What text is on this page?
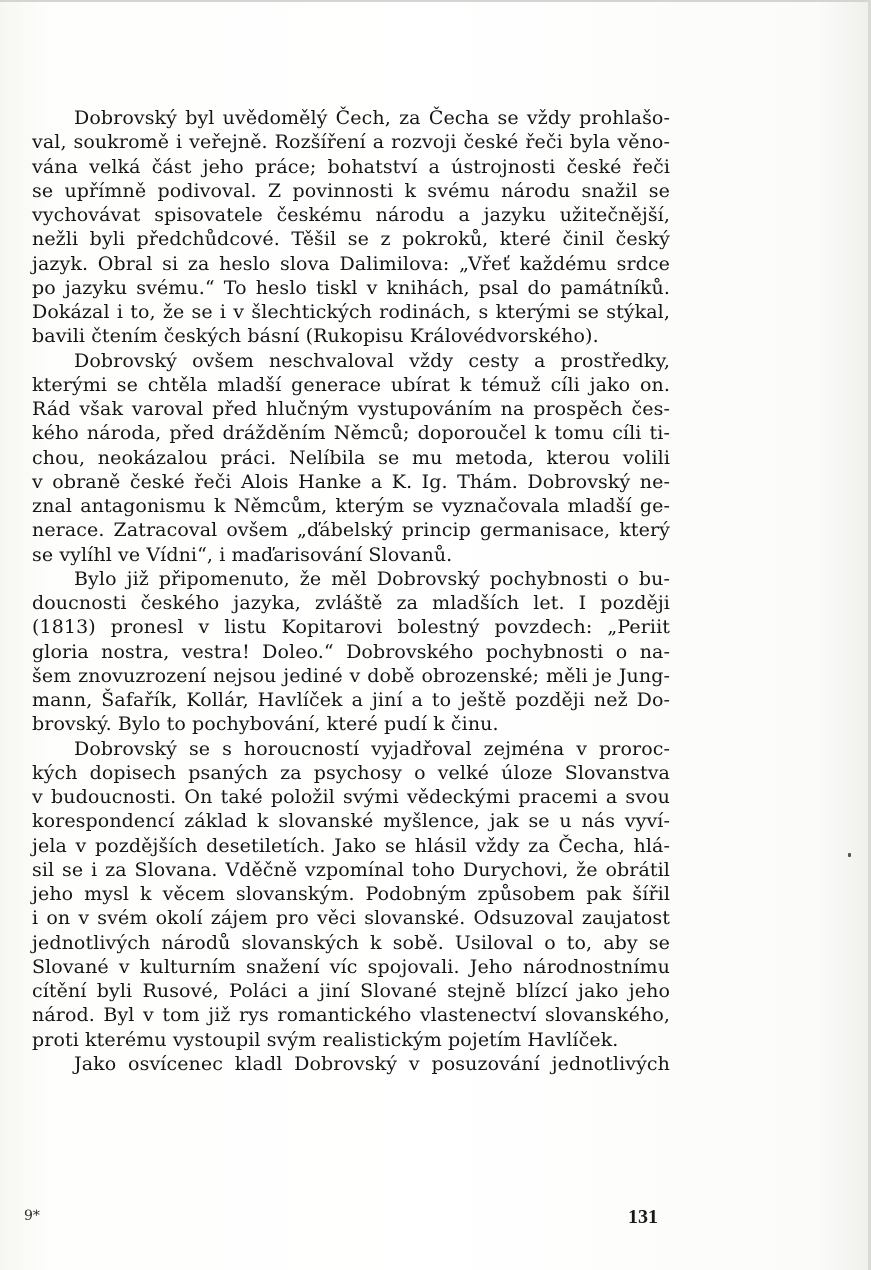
Dobrovský byl uvědomělý Čech, za Čecha se vždy prohlašo-
val, soukromě i veřejně. Rozšíření a rozvoji české řeči byla věno-
vána velká část jeho práce; bohatství a ústrojnosti české řeči
se upřímně podivoval. Z povinnosti k svému národu snažil se
vychovávat spisovatele českému národu a jazyku užitečnější,
nežli byli předchůdcové. Těšil se z pokroků, které činil český
jazyk. Obral si za heslo slova Dalimilova: „Vřeť každému srdce
po jazyku svému.“ To heslo tiskl v knihách, psal do památníků.
Dokázal i to, že se i v šlechtických rodinách, s kterými se stýkal,
bavili čtením českých básní (Rukopisu Královédvorského).
Dobrovský ovšem neschvaloval vždy cesty a prostředky,
kterými se chtěla mladší generace ubírat k témuž cíli jako on.
Rád však varoval před hlučným vystupováním na prospěch čes-
kého národa, před drážděním Němců; doporoučel k tomu cíli ti-
chou, neokázalou práci. Nelíbila se mu metoda, kterou volili
v obraně české řeči Alois Hanke a K. Ig. Thám. Dobrovský ne-
znal antagonismu k Němcům, kterým se vyznačovala mladší ge-
nerace. Zatracoval ovšem „ďábelský princip germanisace, který
se vylíhl ve Vídni“, i maďarisování Slovanů.
Bylo již připomenuto, že měl Dobrovský pochybnosti o bu-
doucnosti českého jazyka, zvláště za mladších let. I později
(1813) pronesl v listu Kopitarovi bolestný povzdech: „Periit
gloria nostra, vestra! Doleo.“ Dobrovského pochybnosti o na-
šem znovuzrození nejsou jediné v době obrozenské; měli je Jung-
mann, Šafařík, Kollár, Havlíček a jiní a to ještě později než Do-
brovský. Bylo to pochybování, které pudí k činu.
Dobrovský se s horoucností vyjadřoval zejména v proroc-
kých dopisech psaných za psychosy o velké úloze Slovanstva
v budoucnosti. On také položil svými vědeckými pracemi a svou
korespondencí základ k slovanské myšlence, jak se u nás vyví-
jela v pozdějších desetiletích. Jako se hlásil vždy za Čecha, hlá-
sil se i za Slovana. Vděčně vzpomínal toho Durychovi, že obrátil
jeho mysl k věcem slovanským. Podobným způsobem pak šířil
i on v svém okolí zájem pro věci slovanské. Odsuzoval zaujatost
jednotlivých národů slovanských k sobě. Usiloval o to, aby se
Slované v kulturním snažení víc spojovali. Jeho národnostnímu
cítění byli Rusové, Poláci a jiní Slované stejně blízcí jako jeho
národ. Byl v tom již rys romantického vlastenectví slovanského,
proti kterému vystoupil svým realistickým pojetím Havlíček.
Jako osvícenec kladl Dobrovský v posuzování jednotlivých
9*	131
